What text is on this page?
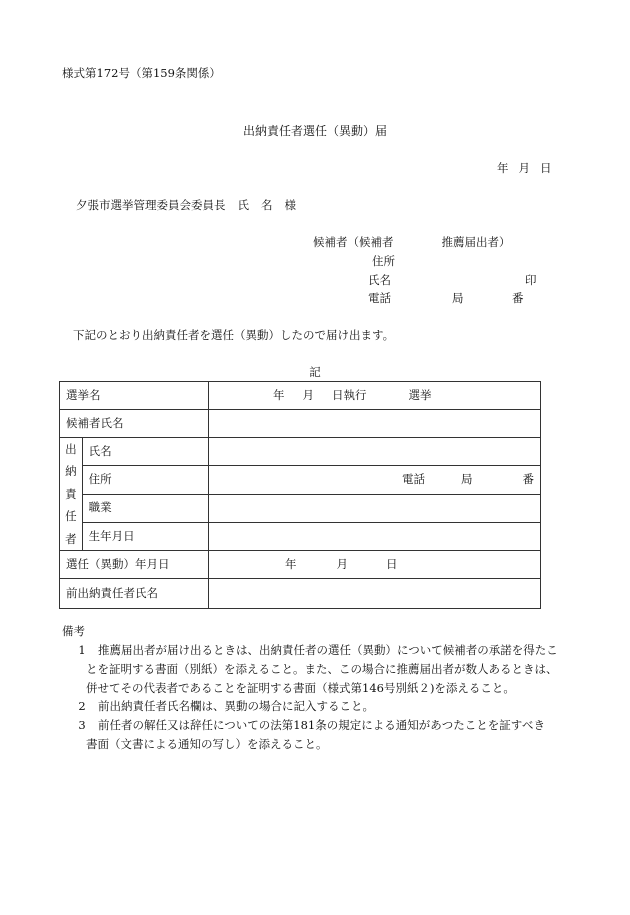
様式第172号（第159条関係）
出納責任者選任（異動）届
年 月 日
夕張市選挙管理委員会委員長 氏 名 様
候補者（候補者	推薦届出者）
住所
氏名	印
電話	局	番
下記のとおり出納責任者を選任（異動）したので届け出ます。
記
選挙名		年 月 日執行 選挙

候補者氏名		

出
納
責
任
者	氏名	
	住所	電話 局 番

	職業	
	生年月日	
選任（異動）年月日		年 月 日

前出納責任者氏名		
備考
1 推薦届出者が届け出るときは、出納責任者の選任（異動）について候補者の承諾を得たこ
とを証明する書面（別紙）を添えること。また、この場合に推薦届出者が数人あるときは、
併せてその代表者であることを証明する書面（様式第146号別紙２)を添えること。
2 前出納責任者氏名欄は、異動の場合に記入すること。
3 前任者の解任又は辞任についての法第181条の規定による通知があつたことを証すべき
書面（文書による通知の写し）を添えること。
